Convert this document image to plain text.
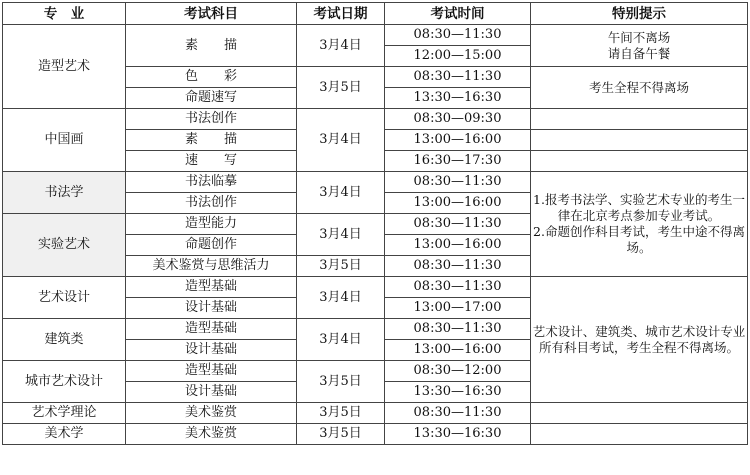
专　业	考试科目	考试日期	考试时间	特别提示
造型艺术	素　　描	3月4日	08:30—11:30	午间不离场
请自备午餐
			12:00—15:00	
	色　　彩	3月5日	08:30—11:30	考生全程不得离场
	命题速写		13:30—16:30	
中国画	书法创作	3月4日	08:30—09:30	
	素　　描		13:00—16:00	
	速　　写		16:30—17:30	
书法学	书法临摹	3月4日	08:30—11:30	1.报考书法学、实验艺术专业的考生一律在北京考点参加专业考试。
2.命题创作科目考试，考生中途不得离场。
	书法创作		13:00—16:00	
实验艺术	造型能力	3月4日	08:30—11:30	
	命题创作		13:00—16:00	
	美术鉴赏与思维活力	3月5日	08:30—11:30	
艺术设计	造型基础	3月4日	08:30—11:30	艺术设计、建筑类、城市艺术设计专业所有科目考试，考生全程不得离场。
	设计基础		13:00—17:00	
建筑类	造型基础	3月4日	08:30—11:30	
	设计基础		13:00—16:00	
城市艺术设计	造型基础	3月5日	08:30—12:00	
	设计基础		13:30—16:30	
艺术学理论	美术鉴赏	3月5日	08:30—11:30	
美术学	美术鉴赏	3月5日	13:30—16:30	
